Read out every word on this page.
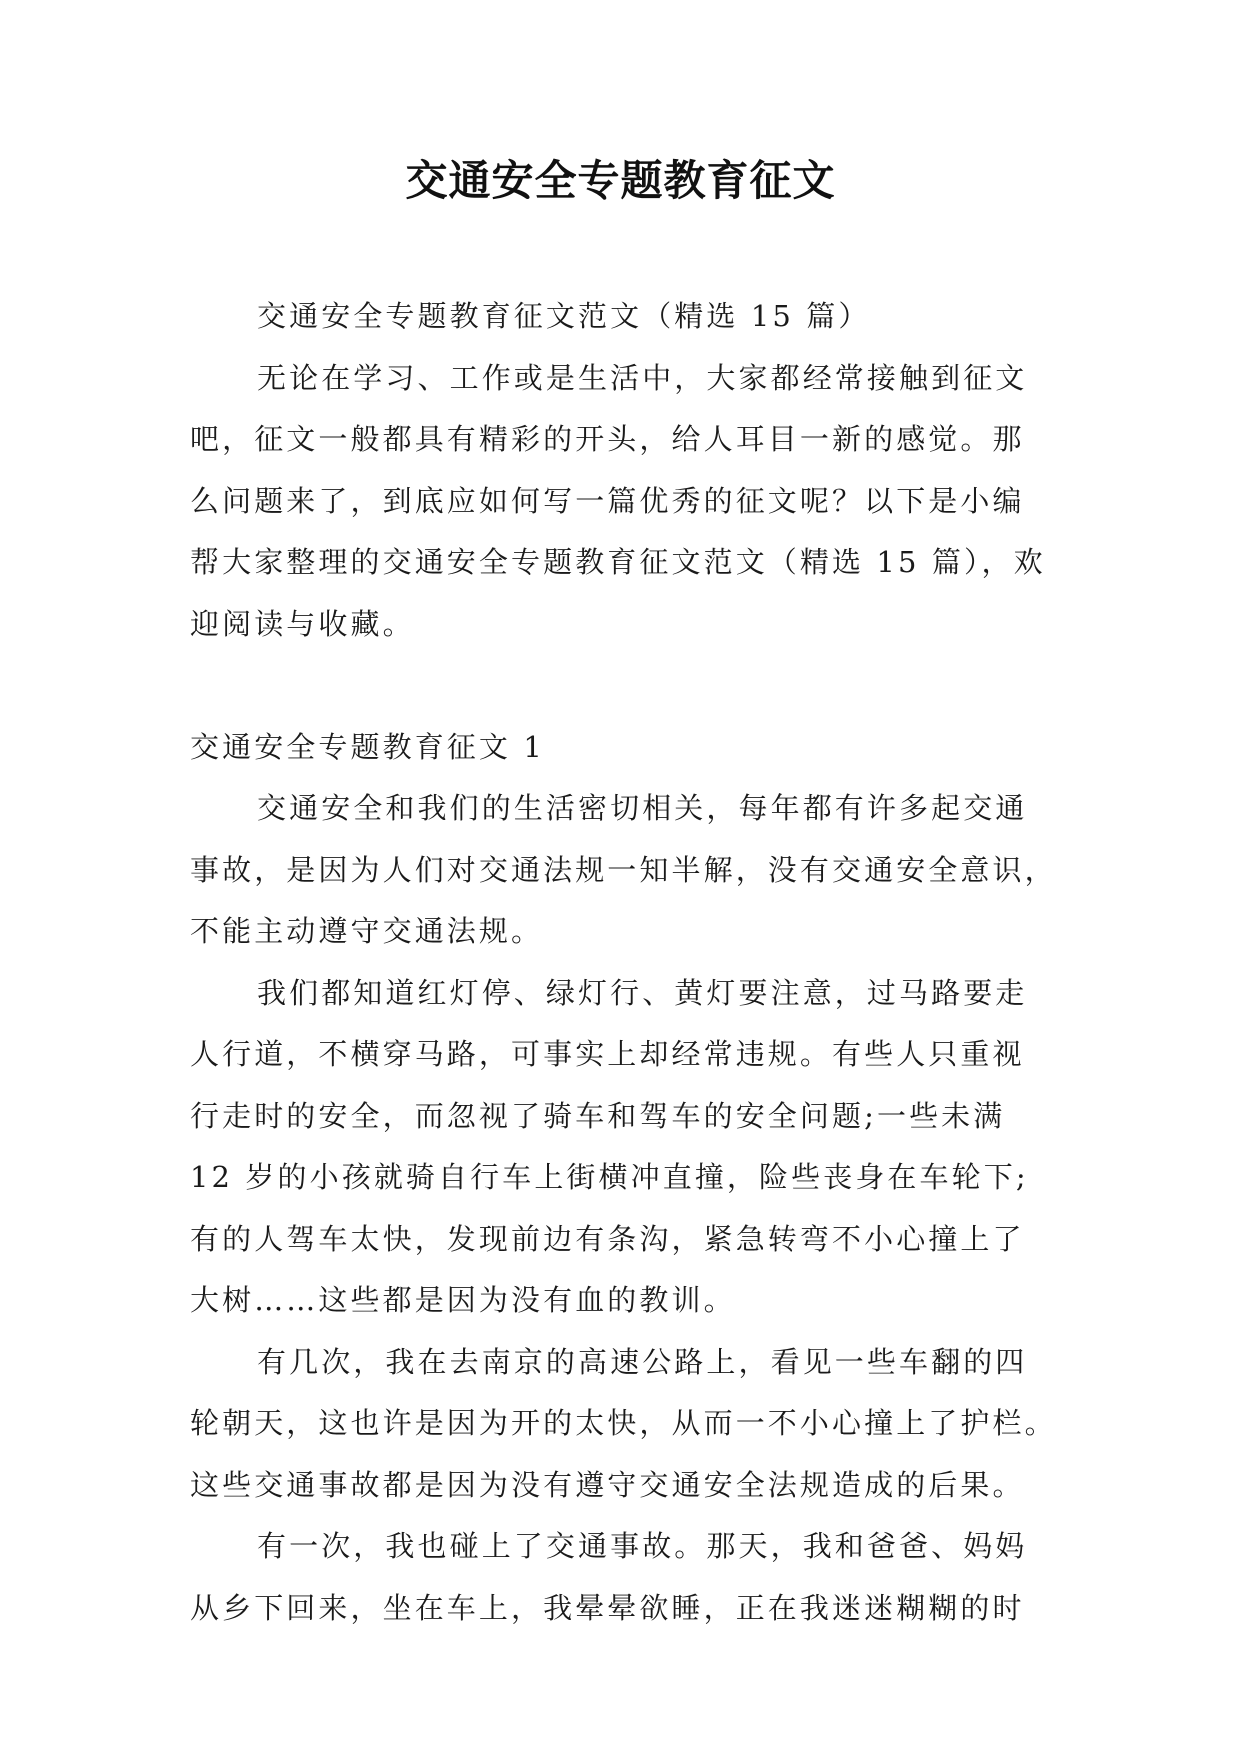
交通安全专题教育征文

交通安全专题教育征文范文（精选 15 篇）

无论在学习、工作或是生活中，大家都经常接触到征文

吧，征文一般都具有精彩的开头，给人耳目一新的感觉。那

么问题来了，到底应如何写一篇优秀的征文呢？以下是小编

帮大家整理的交通安全专题教育征文范文（精选 15 篇），欢

迎阅读与收藏。

交通安全专题教育征文 1

交通安全和我们的生活密切相关，每年都有许多起交通

事故，是因为人们对交通法规一知半解，没有交通安全意识，

不能主动遵守交通法规。

我们都知道红灯停、绿灯行、黄灯要注意，过马路要走

人行道，不横穿马路，可事实上却经常违规。有些人只重视

行走时的安全，而忽视了骑车和驾车的安全问题;一些未满

12 岁的小孩就骑自行车上街横冲直撞，险些丧身在车轮下;

有的人驾车太快，发现前边有条沟，紧急转弯不小心撞上了

大树……这些都是因为没有血的教训。

有几次，我在去南京的高速公路上，看见一些车翻的四

轮朝天，这也许是因为开的太快，从而一不小心撞上了护栏。

这些交通事故都是因为没有遵守交通安全法规造成的后果。

有一次，我也碰上了交通事故。那天，我和爸爸、妈妈

从乡下回来，坐在车上，我晕晕欲睡，正在我迷迷糊糊的时
